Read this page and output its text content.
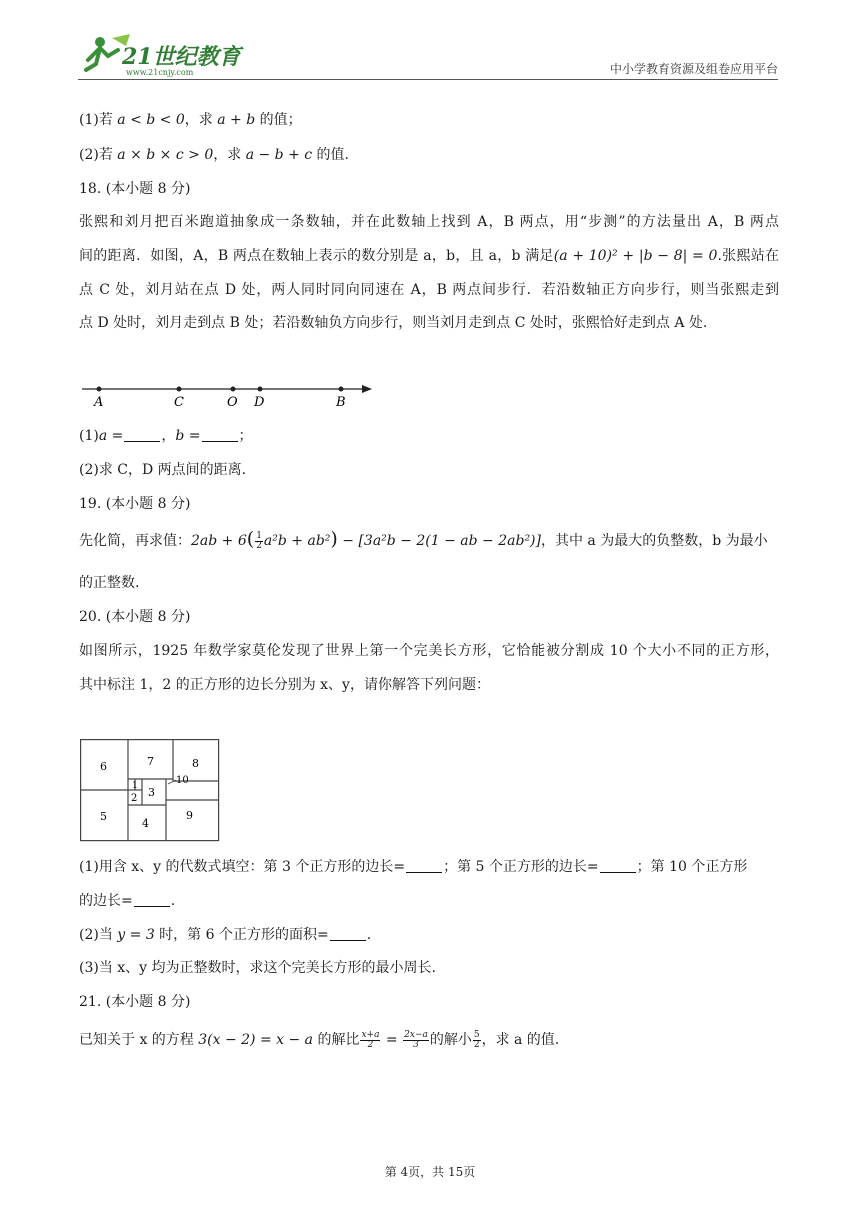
21世纪教育
www.21cnjy.com	中小学教育资源及组卷应用平台
(1)若 a < b < 0，求 a + b 的值；
(2)若 a × b × c > 0，求 a − b + c 的值.
18. (本小题 8 分)
张熙和刘月把百米跑道抽象成一条数轴，并在此数轴上找到 A，B 两点，用“步测”的方法量出 A，B 两点
间的距离．如图，A，B 两点在数轴上表示的数分别是 a，b，且 a，b 满足(a + 10)² + |b − 8| = 0.张熙站在
点 C 处，刘月站在点 D 处，两人同时同向同速在 A，B 两点间步行．若沿数轴正方向步行，则当张熙走到
点 D 处时，刘月走到点 B 处；若沿数轴负方向步行，则当刘月走到点 C 处时，张熙恰好走到点 A 处.
A	C	O D	B
(1)a =	，b =	；
(2)求 C，D 两点间的距离.
19. (本小题 8 分)
先化简，再求值：$2ab + 6( \frac{1}{2} a^2b + ab^2) - [3a^2b - 2(1$ − ab − 2ab²)]，其中 a 为最大的负整数，b 为最小
的正整数.
20. (本小题 8 分)
如图所示，1925 年数学家莫伦发现了世界上第一个完美长方形，它恰能被分割成 10 个大小不同的正方形，
其中标注 1，2 的正方形的边长分别为 x、y，请你解答下列问题：
6	7	8
1	10
2 3
5
4
9
(1)用含 x、y 的代数式填空：第 3 个正方形的边长=	；第 5 个正方形的边长=	；第 10 个正方形
的边长=	.
(2)当 y = 3 时，第 6 个正方形的面积=	.
(3)当 x、y 均为正整数时，求这个完美长方形的最小周长.
21. (本小题 8 分)
已知关于 x 的方程 3(x − 2) = x − a 的解比 $\frac{x+a}{2} = \frac{2x-a}{3}$ 的解小 $\frac{5}{2}$ ，求 a 的值.
第 4页，共 15页
